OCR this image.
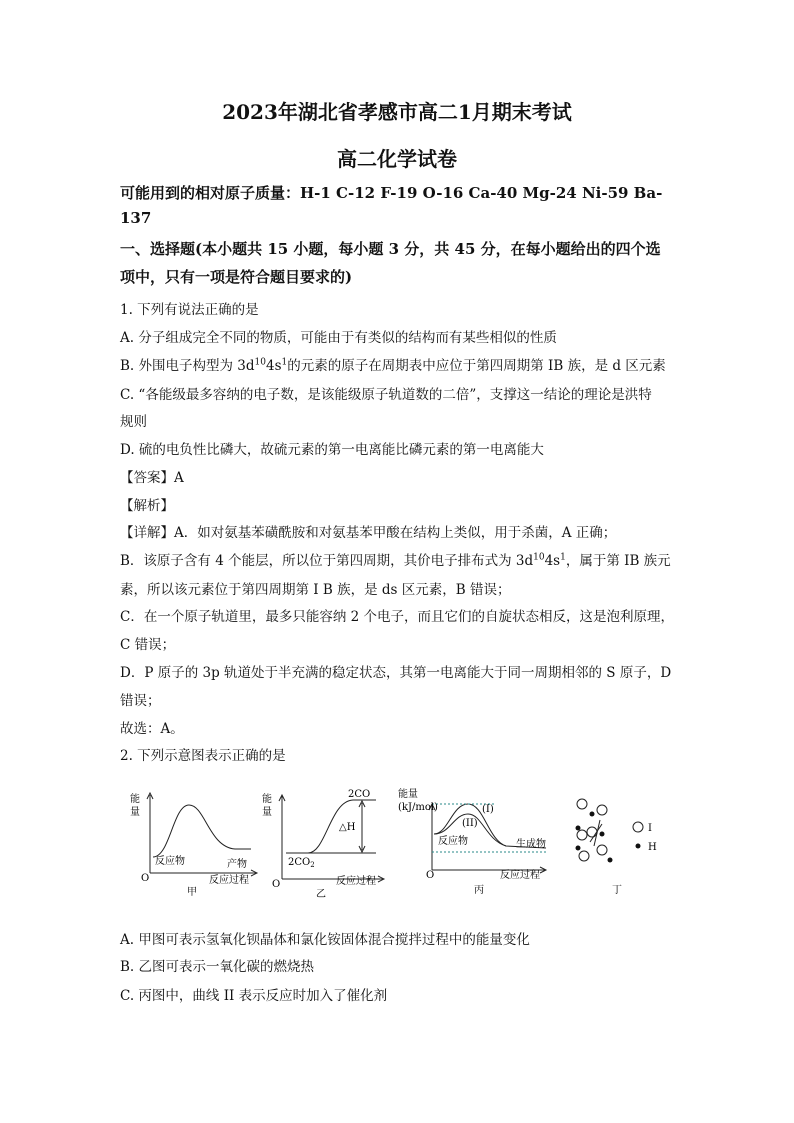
2023年湖北省孝感市高二1月期末考试
高二化学试卷
可能用到的相对原子质量：H-1 C-12 F-19 O-16 Ca-40 Mg-24 Ni-59 Ba-
137
一、选择题(本小题共 15 小题，每小题 3 分，共 45 分，在每小题给出的四个选
项中，只有一项是符合题目要求的)
1. 下列有说法正确的是
A. 分子组成完全不同的物质，可能由于有类似的结构而有某些相似的性质
B. 外围电子构型为 $3d^{10}4s^1$的元素的原子在周期表中应位于第四周期第 IB 族，是 d 区元素
C. “各能级最多容纳的电子数，是该能级原子轨道数的二倍”，支撑这一结论的理论是洪特
规则
D. 硫的电负性比磷大，故硫元素的第一电离能比磷元素的第一电离能大
【答案】A
【解析】
【详解】A．如对氨基苯磺酰胺和对氨基苯甲酸在结构上类似，用于杀菌，A 正确；
B．该原子含有 4 个能层，所以位于第四周期，其价电子排布式为 $3d^{10}4s^1$，属于第 IB 族元
素，所以该元素位于第四周期第 I B 族，是 ds 区元素，B 错误；
C．在一个原子轨道里，最多只能容纳 2 个电子，而且它们的自旋状态相反，这是泡利原理，
C 错误；
D．P 原子的 3p 轨道处于半充满的稳定状态，其第一电离能大于同一周期相邻的 S 原子，D
错误；
故选：A。
2. 下列示意图表示正确的是
能
量
反应物	产物
O	反应过程
甲
能
量
2CO
$2CO_2$
△H
O	反应过程
乙
能量
(kJ/mol)	(I)
(II)
反应物	生成物
O	反应过程
丙
I
H
丁
A. 甲图可表示氢氧化钡晶体和氯化铵固体混合搅拌过程中的能量变化
B. 乙图可表示一氧化碳的燃烧热
C. 丙图中，曲线 II 表示反应时加入了催化剂
